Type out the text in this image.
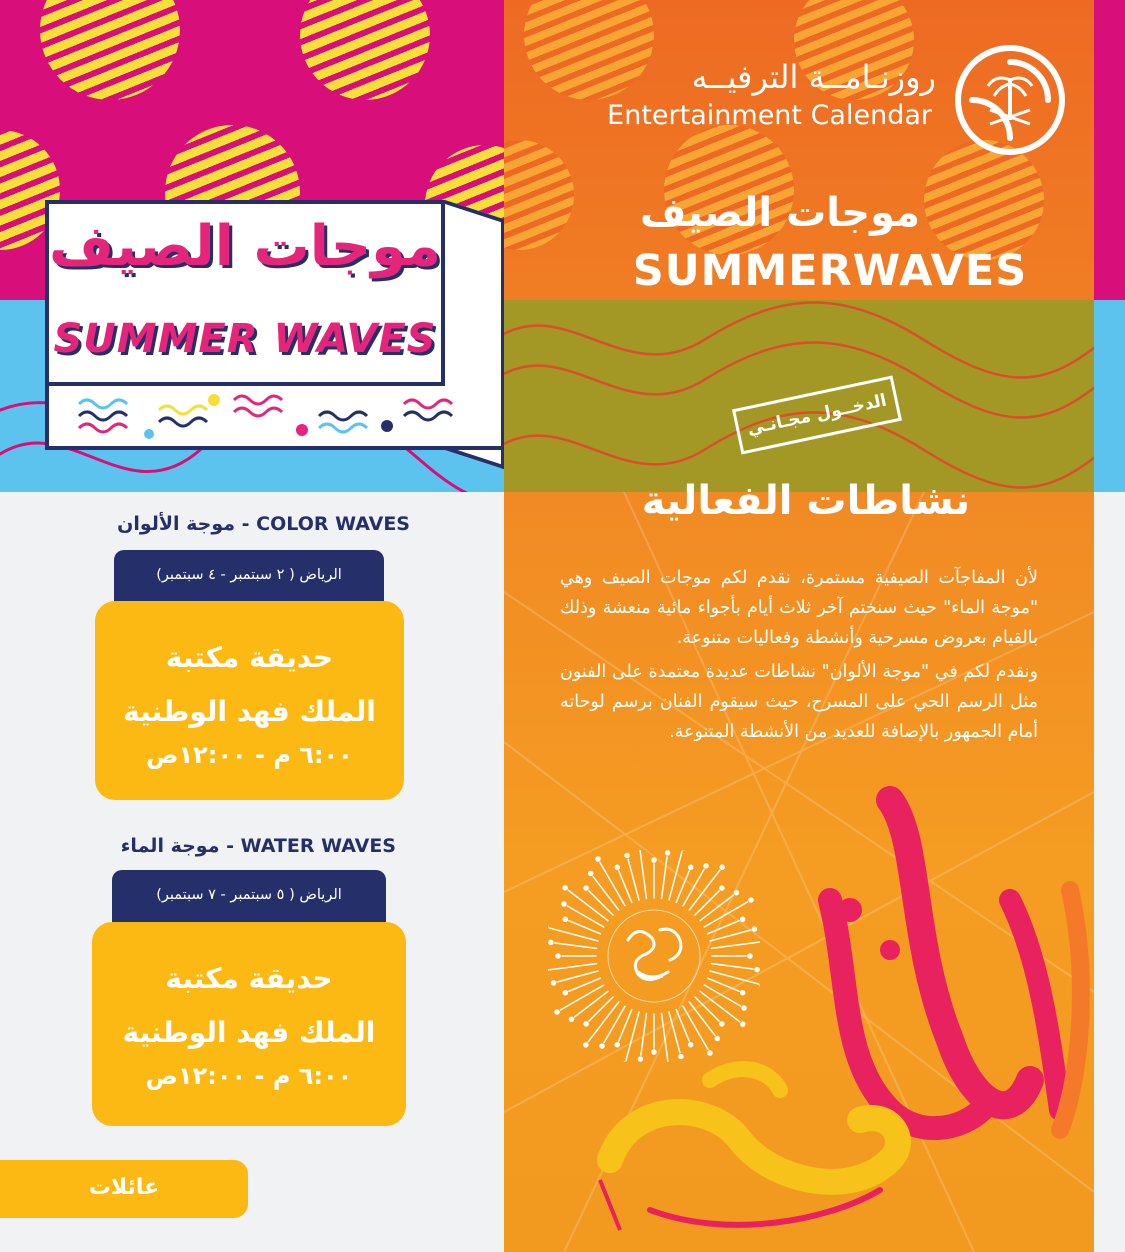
موجات الصيف
SUMMER WAVES
روزنـامــة الترفيــه
Entertainment Calendar
موجات الصيف
SUMMERWAVES
الدخــول مجـانـي
نشاطات الفعالية

لأن المفاجآت الصيفية مستمرة، نقدم لكم موجات الصيف وهي "موجة الماء" حيث سنختم آخر ثلاث أيام بأجواء مائية منعشة وذلك بالقيام بعروض مسرحية وأنشطة وفعاليات متنوعة.

ونقدم لكم في "موجة الألوان" نشاطات عديدة معتمدة على الفنون مثل الرسم الحي على المسرح، حيث سيقوم الفنان برسم لوحاته أمام الجمهور بالإضافة للعديد من الأنشطة المتنوعة.

موجة الألوان - COLOR WAVES
الرياض ( ٢ سبتمبر - ٤ سبتمبر)
حديقة مكتبة
الملك فهد الوطنية
٦:٠٠ م - ١٢:٠٠ص
موجة الماء - WATER WAVES
الرياض ( ٥ سبتمبر - ٧ سبتمبر)
حديقة مكتبة
الملك فهد الوطنية
٦:٠٠ م - ١٢:٠٠ص
عائلات
